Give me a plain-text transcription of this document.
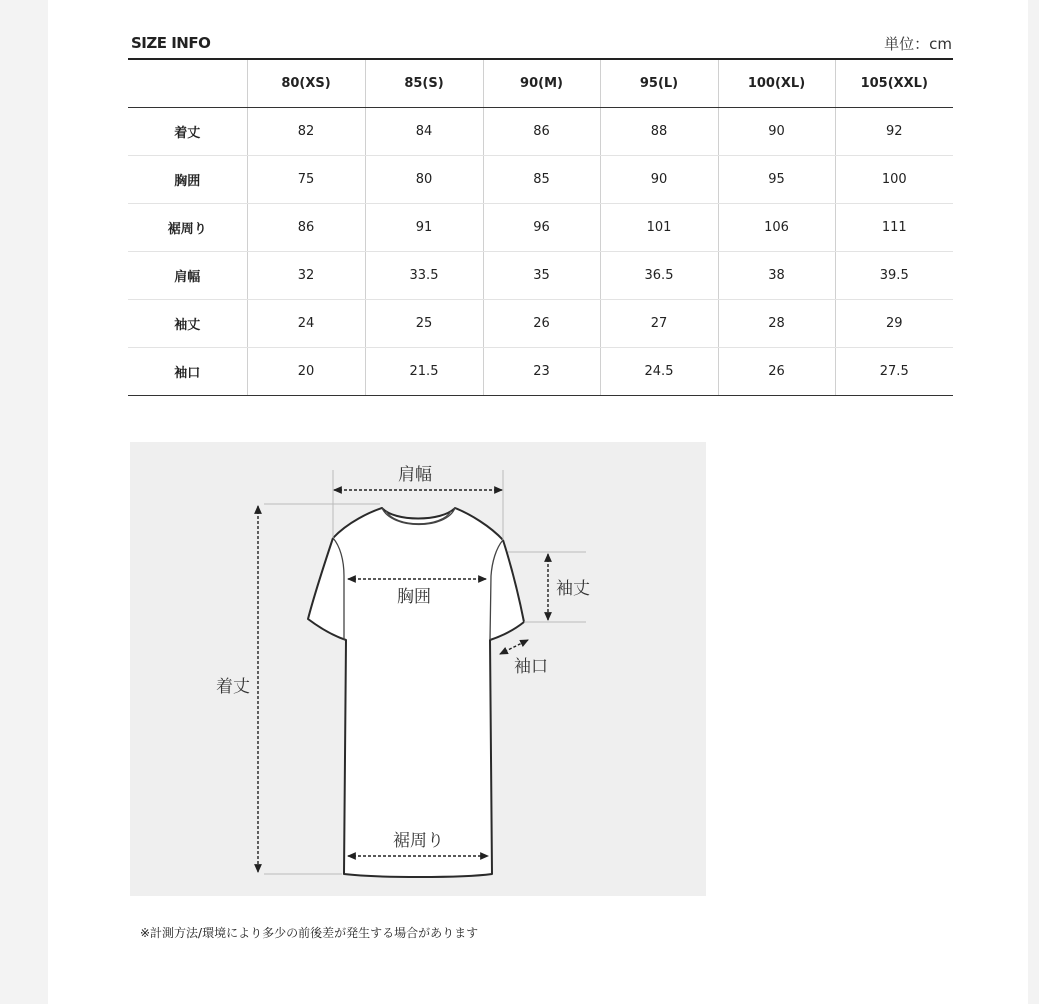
SIZE INFO	単位：cm
	80(XS)	85(S)	90(M)	95(L)	100(XL)	105(XXL)
着丈	82	84	86	88	90	92
胸囲	75	80	85	90	95	100
裾周り	86	91	96	101	106	111
肩幅	32	33.5	35	36.5	38	39.5
袖丈	24	25	26	27	28	29
袖口	20	21.5	23	24.5	26	27.5
肩幅
胸囲	袖丈
袖口
着丈
裾周り
※計測方法/環境により多少の前後差が発生する場合があります
